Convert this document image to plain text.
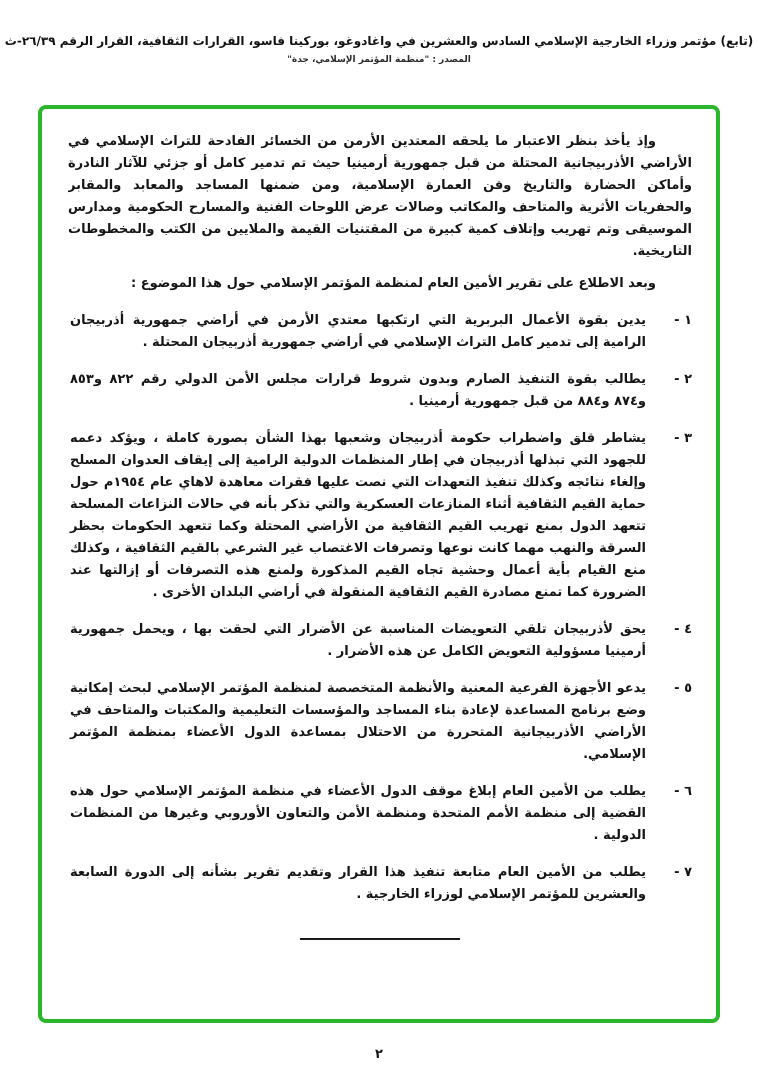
(تابع) مؤتمر وزراء الخارجية الإسلامي السادس والعشرين في واغادوغو، بوركينا فاسو، القرارات الثقافية، القرار الرقم ٢٦/٣٩-ث
المصدر : "منظمة المؤتمر الإسلامي، جدة"

وإذ يأخذ بنظر الاعتبار ما يلحقه المعتدين الأرمن من الخسائر الفادحة للتراث الإسلامي في الأراضي الأذربيجانية المحتلة من قبل جمهورية أرمينيا حيث تم تدمير كامل أو جزئي للآثار النادرة وأماكن الحضارة والتاريخ وفن العمارة الإسلامية، ومن ضمنها المساجد والمعابد والمقابر والحفريات الأثرية والمتاحف والمكاتب وصالات عرض اللوحات الفنية والمسارح الحكومية ومدارس الموسيقى وتم تهريب وإتلاف كمية كبيرة من المقتنيات القيمة والملايين من الكتب والمخطوطات التاريخية.

وبعد الاطلاع على تقرير الأمين العام لمنظمة المؤتمر الإسلامي حول هذا الموضوع :

١ -
يدين بقوة الأعمال البربرية التي ارتكبها معتدي الأرمن في أراضي جمهورية أذربيجان الرامية إلى تدمير كامل التراث الإسلامي في أراضي جمهورية أذربيجان المحتلة .
٢ -
يطالب بقوة التنفيذ الصارم وبدون شروط قرارات مجلس الأمن الدولي رقم ٨٢٢ و٨٥٣ و٨٧٤ و٨٨٤ من قبل جمهورية أرمينيا .
٣ -
يشاطر قلق واضطراب حكومة أذربيجان وشعبها بهذا الشأن بصورة كاملة ، ويؤكد دعمه للجهود التي تبذلها أذربيجان في إطار المنظمات الدولية الرامية إلى إيقاف العدوان المسلح وإلغاء نتائجه وكذلك تنفيذ التعهدات التي نصت عليها فقرات معاهدة لاهاي عام ١٩٥٤م حول حماية القيم الثقافية أثناء المنازعات العسكرية والتي تذكر بأنه في حالات النزاعات المسلحة تتعهد الدول بمنع تهريب القيم الثقافية من الأراضي المحتلة وكما تتعهد الحكومات بحظر السرقة والنهب مهما كانت نوعها وتصرفات الاغتصاب غير الشرعي بالقيم الثقافية ، وكذلك منع القيام بأية أعمال وحشية تجاه القيم المذكورة ولمنع هذه التصرفات أو إزالتها عند الضرورة كما تمنع مصادرة القيم الثقافية المنقولة في أراضي البلدان الأخرى .
٤ -
يحق لأذربيجان تلقي التعويضات المناسبة عن الأضرار التي لحقت بها ، ويحمل جمهورية أرمينيا مسؤولية التعويض الكامل عن هذه الأضرار .
٥ -
يدعو الأجهزة الفرعية المعنية والأنظمة المتخصصة لمنظمة المؤتمر الإسلامي لبحث إمكانية وضع برنامج المساعدة لإعادة بناء المساجد والمؤسسات التعليمية والمكتبات والمتاحف في الأراضي الأذربيجانية المتحررة من الاحتلال بمساعدة الدول الأعضاء بمنظمة المؤتمر الإسلامي.
٦ -
يطلب من الأمين العام إبلاغ موقف الدول الأعضاء في منظمة المؤتمر الإسلامي حول هذه القضية إلى منظمة الأمم المتحدة ومنظمة الأمن والتعاون الأوروبي وغيرها من المنظمات الدولية .
٧ -
يطلب من الأمين العام متابعة تنفيذ هذا القرار وتقديم تقرير بشأنه إلى الدورة السابعة والعشرين للمؤتمر الإسلامي لوزراء الخارجية .
٢
